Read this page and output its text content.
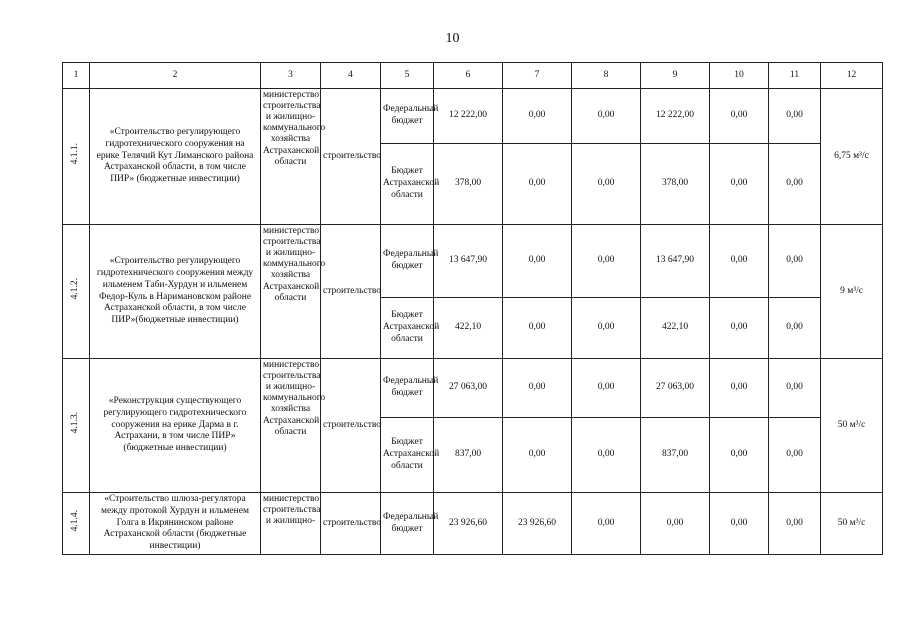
10
1	2	3	4	5	6	7	8	9	10	11	12
4.1.1.	«Строительство регулирующего гидротехнического сооружения на ерике Телячий Кут Лиманского района Астраханской области, в том числе ПИР» (бюджетные инвестиции)	министерство строительства и жилищно-коммунального хозяйства Астраханской области	строительство	Федеральный бюджет	12 222,00	0,00	0,00	12 222,00	0,00	0,00	6,75 м³/с
				Бюджет Астраханской области	378,00	0,00	0,00	378,00	0,00	0,00	
4.1.2.	«Строительство регулирующего гидротехнического сооружения между ильменем Таби-Хурдун и ильменем Федор-Куль в Наримановском районе Астраханской области, в том числе ПИР»(бюджетные инвестиции)	министерство строительства и жилищно-коммунального хозяйства Астраханской области	строительство	Федеральный бюджет	13 647,90	0,00	0,00	13 647,90	0,00	0,00	9 м³/с
				Бюджет Астраханской области	422,10	0,00	0,00	422,10	0,00	0,00	
4.1.3.	«Реконструкция существующего регулирующего гидротехнического сооружения на ерике Дарма в г. Астрахани, в том числе ПИР» (бюджетные инвестиции)	министерство строительства и жилищно-коммунального хозяйства Астраханской области	строительство	Федеральный бюджет	27 063,00	0,00	0,00	27 063,00	0,00	0,00	50 м³/с
				Бюджет Астраханской области	837,00	0,00	0,00	837,00	0,00	0,00	
4.1.4.	«Строительство шлюза-регулятора между протокой Хурдун и ильменем Голга в Икрянинском районе Астраханской области (бюджетные инвестиции)	министерство строительства и жилищно-	строительство	Федеральный бюджет	23 926,60	23 926,60	0,00	0,00	0,00	0,00	50 м³/с
